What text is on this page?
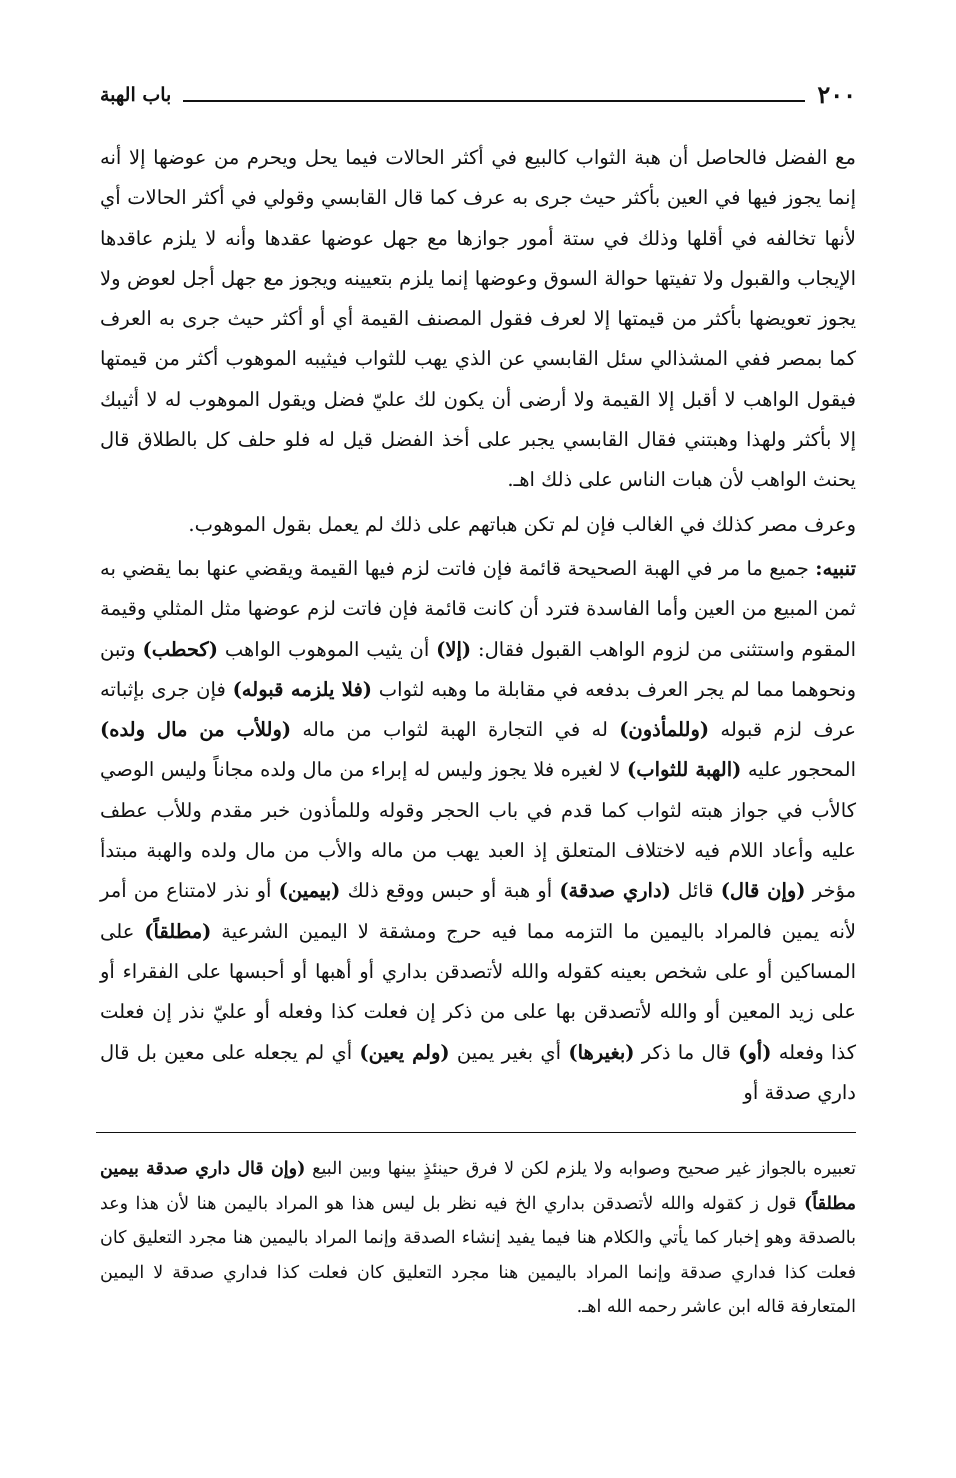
٢٠٠
باب الهبة

مع الفضل فالحاصل أن هبة الثواب كالبيع في أكثر الحالات فيما يحل ويحرم من عوضها إلا أنه إنما يجوز فيها في العين بأكثر حيث جرى به عرف كما قال القابسي وقولي في أكثر الحالات أي لأنها تخالفه في أقلها وذلك في ستة أمور جوازها مع جهل عوضها عقدها وأنه لا يلزم عاقدها الإيجاب والقبول ولا تفيتها حوالة السوق وعوضها إنما يلزم بتعيينه ويجوز مع جهل أجل لعوض ولا يجوز تعويضها بأكثر من قيمتها إلا لعرف فقول المصنف القيمة أي أو أكثر حيث جرى به العرف كما بمصر ففي المشذالي سئل القابسي عن الذي يهب للثواب فيثيبه الموهوب أكثر من قيمتها فيقول الواهب لا أقبل إلا القيمة ولا أرضى أن يكون لك عليّ فضل ويقول الموهوب له لا أثيبك إلا بأكثر ولهذا وهبتني فقال القابسي يجبر على أخذ الفضل قيل له فلو حلف كل بالطلاق قال يحنث الواهب لأن هبات الناس على ذلك اهـ.

وعرف مصر كذلك في الغالب فإن لم تكن هباتهم على ذلك لم يعمل بقول الموهوب.

تنبيه: جميع ما مر في الهبة الصحيحة قائمة فإن فاتت لزم فيها القيمة ويقضي عنها بما يقضي به ثمن المبيع من العين وأما الفاسدة فترد أن كانت قائمة فإن فاتت لزم عوضها مثل المثلي وقيمة المقوم واستثنى من لزوم الواهب القبول فقال: (إلا) أن يثيب الموهوب الواهب (كحطب) وتبن ونحوهما مما لم يجر العرف بدفعه في مقابلة ما وهبه لثواب (فلا يلزمه قبوله) فإن جرى بإثباته عرف لزم قبوله (وللمأذون) له في التجارة الهبة لثواب من ماله (وللأب من مال ولده) المحجور عليه (الهبة للثواب) لا لغيره فلا يجوز وليس له إبراء من مال ولده مجاناً وليس الوصي كالأب في جواز هبته لثواب كما قدم في باب الحجر وقوله وللمأذون خبر مقدم وللأب عطف عليه وأعاد اللام فيه لاختلاف المتعلق إذ العبد يهب من ماله والأب من مال ولده والهبة مبتدأ مؤخر (وإن قال) قائل (داري صدقة) أو هبة أو حبس ووقع ذلك (بيمين) أو نذر لامتناع من أمر لأنه يمين فالمراد باليمين ما التزمه مما فيه حرج ومشقة لا اليمين الشرعية (مطلقاً) على المساكين أو على شخص بعينه كقوله والله لأتصدقن بداري أو أهبها أو أحبسها على الفقراء أو على زيد المعين أو والله لأتصدقن بها على من ذكر إن فعلت كذا وفعله أو عليّ نذر إن فعلت كذا وفعله (أو) قال ما ذكر (بغيرها) أي بغير يمين (ولم يعين) أي لم يجعله على معين بل قال داري صدقة أو

تعبيره بالجواز غير صحيح وصوابه ولا يلزم لكن لا فرق حينئذٍ بينها وبين البيع (وإن قال داري صدقة بيمين مطلقاً) قول ز كقوله والله لأتصدقن بداري الخ فيه نظر بل ليس هذا هو المراد باليمن هنا لأن هذا وعد بالصدقة وهو إخبار كما يأتي والكلام هنا فيما يفيد إنشاء الصدقة وإنما المراد باليمين هنا مجرد التعليق كان فعلت كذا فداري صدقة وإنما المراد باليمين هنا مجرد التعليق كان فعلت كذا فداري صدقة لا اليمين المتعارفة قاله ابن عاشر رحمه الله اهـ.
